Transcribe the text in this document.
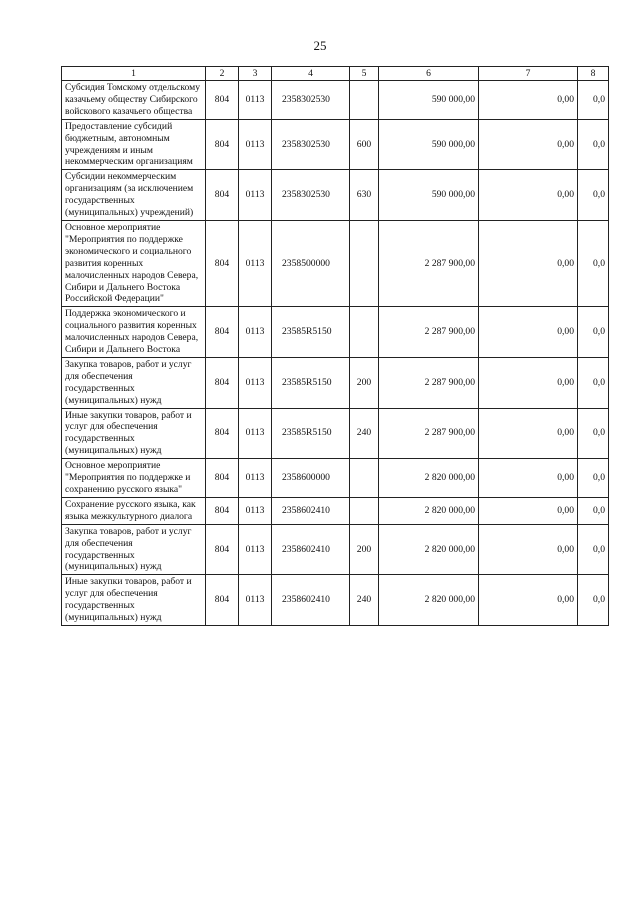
25
1	2	3	4	5	6	7	8
Субсидия Томскому отдельскому казачьему обществу Сибирского войскового казачьего общества	804	0113	2358302530		590 000,00	0,00	0,0
Предоставление субсидий бюджетным, автономным учреждениям и иным некоммерческим организациям	804	0113	2358302530	600	590 000,00	0,00	0,0
Субсидии некоммерческим организациям (за исключением государственных (муниципальных) учреждений)	804	0113	2358302530	630	590 000,00	0,00	0,0
Основное мероприятие "Мероприятия по поддержке экономического и социального развития коренных малочисленных народов Севера, Сибири и Дальнего Востока Российской Федерации"	804	0113	2358500000		2 287 900,00	0,00	0,0
Поддержка экономического и социального развития коренных малочисленных народов Севера, Сибири и Дальнего Востока	804	0113	23585R5150		2 287 900,00	0,00	0,0
Закупка товаров, работ и услуг для обеспечения государственных (муниципальных) нужд	804	0113	23585R5150	200	2 287 900,00	0,00	0,0
Иные закупки товаров, работ и услуг для обеспечения государственных (муниципальных) нужд	804	0113	23585R5150	240	2 287 900,00	0,00	0,0
Основное мероприятие "Мероприятия по поддержке и сохранению русского языка"	804	0113	2358600000		2 820 000,00	0,00	0,0
Сохранение русского языка, как языка межкультурного диалога	804	0113	2358602410		2 820 000,00	0,00	0,0
Закупка товаров, работ и услуг для обеспечения государственных (муниципальных) нужд	804	0113	2358602410	200	2 820 000,00	0,00	0,0
Иные закупки товаров, работ и услуг для обеспечения государственных (муниципальных) нужд	804	0113	2358602410	240	2 820 000,00	0,00	0,0
